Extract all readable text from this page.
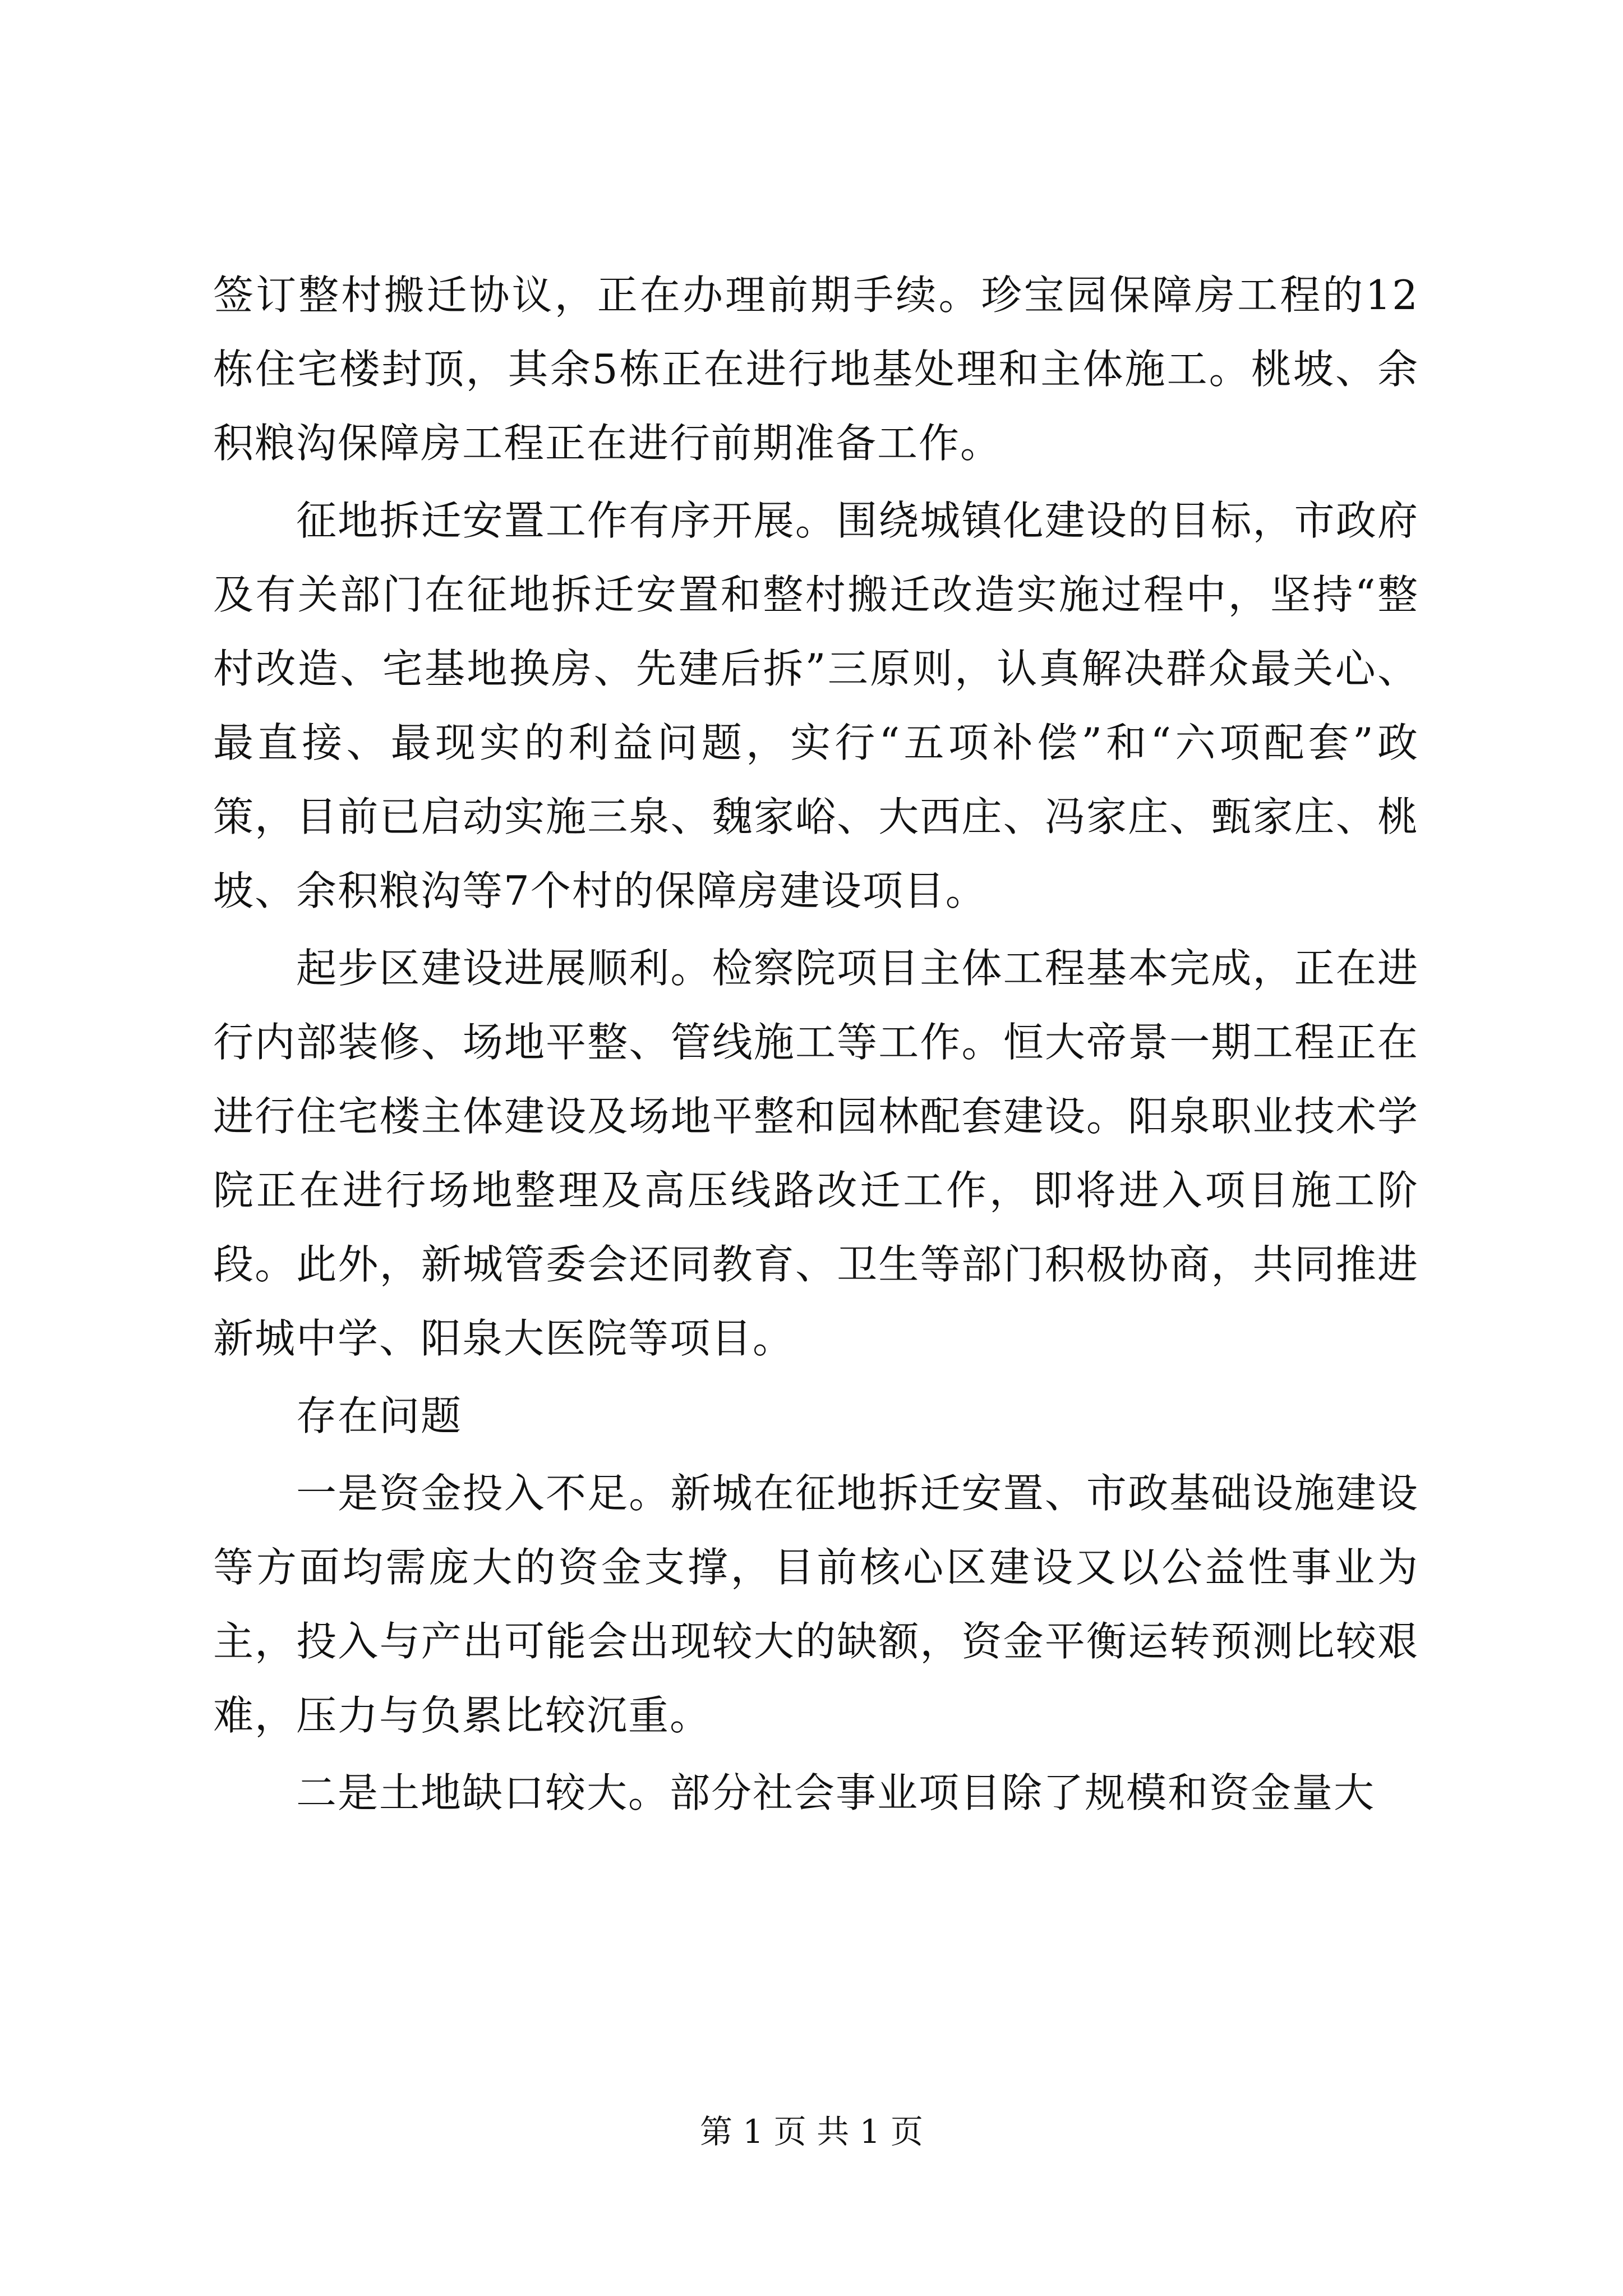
签订整村搬迁协议，正在办理前期手续。珍宝园保障房工程的12栋住宅楼封顶，其余5栋正在进行地基处理和主体施工。桃坡、余积粮沟保障房工程正在进行前期准备工作。

征地拆迁安置工作有序开展。围绕城镇化建设的目标，市政府及有关部门在征地拆迁安置和整村搬迁改造实施过程中，坚持“整村改造、宅基地换房、先建后拆”三原则，认真解决群众最关心、最直接、最现实的利益问题，实行“五项补偿”和“六项配套”政策，目前已启动实施三泉、魏家峪、大西庄、冯家庄、甄家庄、桃坡、余积粮沟等7个村的保障房建设项目。

起步区建设进展顺利。检察院项目主体工程基本完成，正在进行内部装修、场地平整、管线施工等工作。恒大帝景一期工程正在进行住宅楼主体建设及场地平整和园林配套建设。阳泉职业技术学院正在进行场地整理及高压线路改迁工作，即将进入项目施工阶段。此外，新城管委会还同教育、卫生等部门积极协商，共同推进新城中学、阳泉大医院等项目。

存在问题

一是资金投入不足。新城在征地拆迁安置、市政基础设施建设等方面均需庞大的资金支撑，目前核心区建设又以公益性事业为主，投入与产出可能会出现较大的缺额，资金平衡运转预测比较艰难，压力与负累比较沉重。

二是土地缺口较大。部分社会事业项目除了规模和资金量大

第 1 页 共 1 页
